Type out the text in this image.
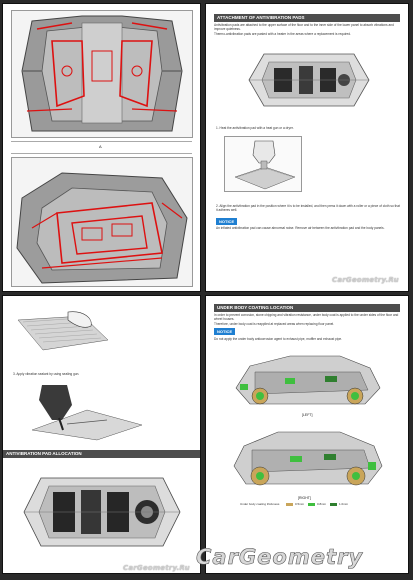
A
ATTACHMENT OF ANTIVIBRATION PADS
Antivibration pads are attached to the upper surface of the floor and to the inner side of the lower panel to absorb vibrations and improve quietness.
Thermo-antivibration pads are pasted with a heater in the areas where a replacement is required.
1. Heat the antivibration pad with a heat gun or a dryer.
2. Align the antivibration pad in the position where it is to be installed, and then press it down with a roller or a piece of cloth so that it adheres well.
NOTICE
An inflated antivibration pad can cause abnormal noise. Remove air between the antivibration pad and the body panels.
CarGeometry.Ru
3. Apply vibration sealant by using sealing gun.
ANTIVIBRATION PAD ALLOCATION
CarGeometry.Ru
UNDER BODY COATING LOCATION
In order to prevent corrosion, stone chipping and vibration resistance, under body coat is applied to the under sides of the floor and wheel houses.
Therefore, under body coat is reapplied at replaced areas when replacing floor panel.
NOTICE
Do not apply the under body anticorrosion agent to exhaust pipe, muffler and exhaust pipe.
[LEFT]
[RIGHT]
Under body coating thickness	0.5mm	0.8mm	1.0mm
CarGeometry
